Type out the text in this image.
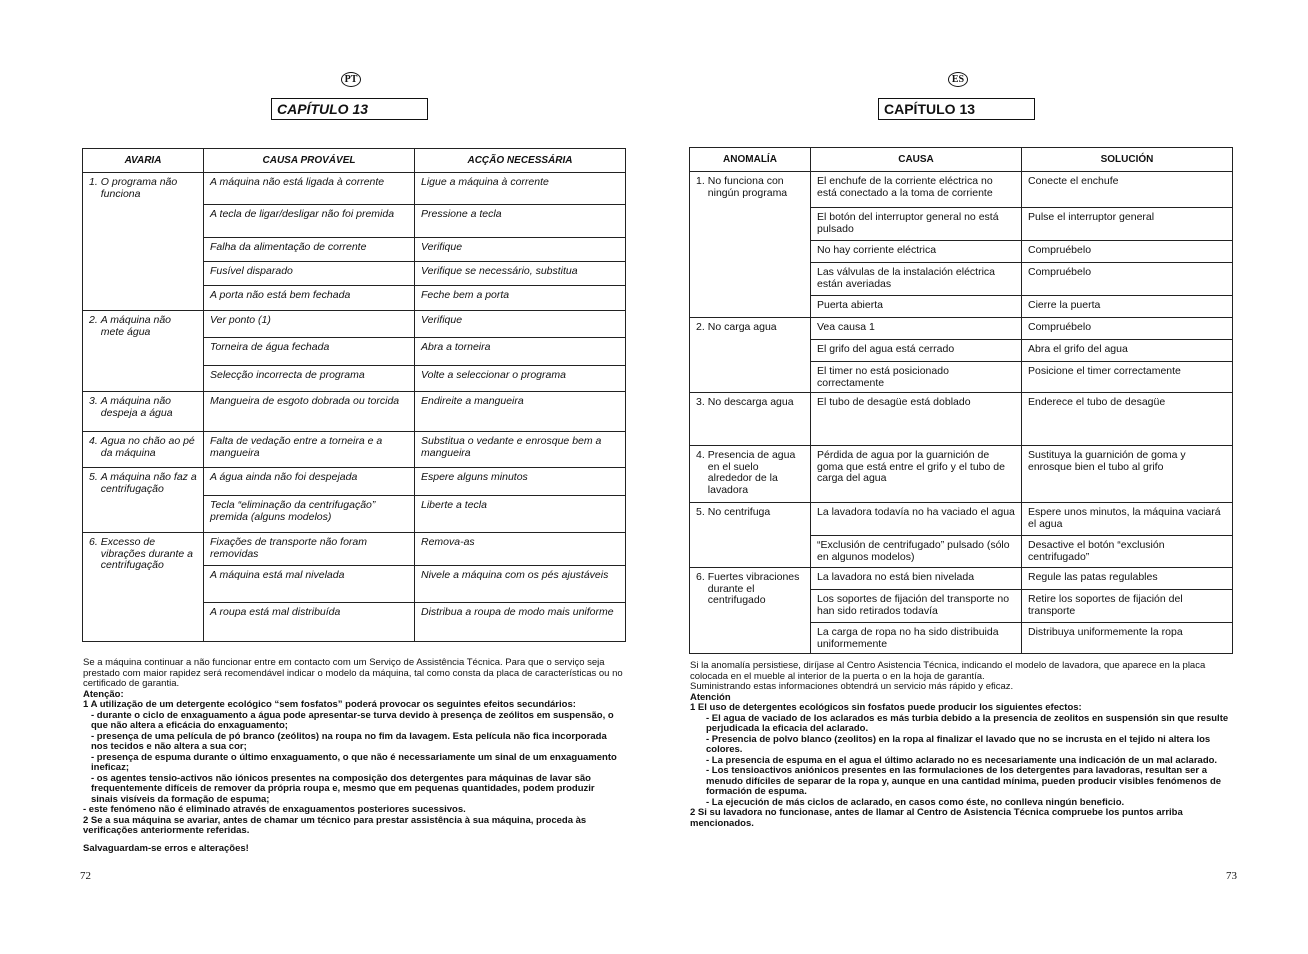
PT
CAPÍTULO 13
AVARIA	CAUSA PROVÁVEL	ACÇÃO NECESSÁRIA

1. O programa não funciona	A máquina não está ligada à corrente	Ligue a máquina à corrente
	A tecla de ligar/desligar não foi premida	Pressione a tecla
	Falha da alimentação de corrente	Verifique
	Fusível disparado	Verifique se necessário, substitua
	A porta não está bem fechada	Feche bem a porta

2. A máquina não mete água	Ver ponto (1)	Verifique
	Torneira de água fechada	Abra a torneira
	Selecção incorrecta de programa	Volte a seleccionar o programa

3. A máquina não despeja a água	Mangueira de esgoto dobrada ou torcida	Endireite a mangueira

4. Agua no chão ao pé da máquina	Falta de vedação entre a torneira e a mangueira	Substitua o vedante e enrosque bem a mangueira

5. A máquina não faz a centrifugação	A água ainda não foi despejada	Espere alguns minutos
	Tecla “eliminação da centrifugação” premida (alguns modelos)	Liberte a tecla

6. Excesso de vibrações durante a centrifugação	Fixações de transporte não foram removidas	Remova-as
	A máquina está mal nivelada	Nivele a máquina com os pés ajustáveis
	A roupa está mal distribuída	Distribua a roupa de modo mais uniforme

Se a máquina continuar a não funcionar entre em contacto com um Serviço de Assistência Técnica. Para que o serviço seja prestado com maior rapidez será recomendável indicar o modelo da máquina, tal como consta da placa de características ou no certificado de garantia.

Atenção:

1 A utilização de um detergente ecológico “sem fosfatos” poderá provocar os seguintes efeitos secundários:

- durante o ciclo de enxaguamento a água pode apresentar-se turva devido à presença de zeólitos em suspensão, o que não altera a eficácia do enxaguamento;

- presença de uma película de pó branco (zeólitos) na roupa no fim da lavagem. Esta película não fica incorporada nos tecidos e não altera a sua cor;

- presença de espuma durante o último enxaguamento, o que não é necessariamente um sinal de um enxaguamento ineficaz;

- os agentes tensio-activos não iónicos presentes na composição dos detergentes para máquinas de lavar são frequentemente difíceis de remover da própria roupa e, mesmo que em pequenas quantidades, podem produzir sinais visíveis da formação de espuma;

- este fenómeno não é eliminado através de enxaguamentos posteriores sucessivos.

2 Se a sua máquina se avariar, antes de chamar um técnico para prestar assistência à sua máquina, proceda às verificações anteriormente referidas.

Salvaguardam-se erros e alterações!

72
ES
CAPÍTULO 13
ANOMALÍA	CAUSA	SOLUCIÓN

1. No funciona con ningún programa	El enchufe de la corriente eléctrica no está conectado a la toma de corriente	Conecte el enchufe
	El botón del interruptor general no está pulsado	Pulse el interruptor general
	No hay corriente eléctrica	Compruébelo
	Las válvulas de la instalación eléctrica están averiadas	Compruébelo
	Puerta abierta	Cierre la puerta

2. No carga agua	Vea causa 1	Compruébelo
	El grifo del agua está cerrado	Abra el grifo del agua
	El timer no está posicionado correctamente	Posicione el timer correctamente

3. No descarga agua	El tubo de desagüe está doblado	Enderece el tubo de desagüe

4. Presencia de agua en el suelo alrededor de la lavadora	Pérdida de agua por la guarnición de goma que está entre el grifo y el tubo de carga del agua	Sustituya la guarnición de goma y enrosque bien el tubo al grifo

5. No centrifuga	La lavadora todavía no ha vaciado el agua	Espere unos minutos, la máquina vaciará el agua
	“Exclusión de centrifugado” pulsado (sólo en algunos modelos)	Desactive el botón “exclusión centrifugado”

6. Fuertes vibraciones durante el centrifugado	La lavadora no está bien nivelada	Regule las patas regulables
	Los soportes de fijación del transporte no han sido retirados todavía	Retire los soportes de fijación del transporte
	La carga de ropa no ha sido distribuida uniformemente	Distribuya uniformemente la ropa

Si la anomalía persistiese, diríjase al Centro Asistencia Técnica, indicando el modelo de lavadora, que aparece en la placa colocada en el mueble al interior de la puerta o en la hoja de garantía.

Suministrando estas informaciones obtendrá un servicio más rápido y eficaz.

Atención

1 El uso de detergentes ecológicos sin fosfatos puede producir los siguientes efectos:

- El agua de vaciado de los aclarados es más turbia debido a la presencia de zeolitos en suspensión sin que resulte perjudicada la eficacia del aclarado.

- Presencia de polvo blanco (zeolitos) en la ropa al finalizar el lavado que no se incrusta en el tejido ni altera los colores.

- La presencia de espuma en el agua el último aclarado no es necesariamente una indicación de un mal aclarado.

- Los tensioactivos aniónicos presentes en las formulaciones de los detergentes para lavadoras, resultan ser a menudo difíciles de separar de la ropa y, aunque en una cantidad mínima, pueden producir visibles fenómenos de formación de espuma.

- La ejecución de más ciclos de aclarado, en casos como éste, no conlleva ningún beneficio.

2 Si su lavadora no funcionase, antes de llamar al Centro de Asistencia Técnica compruebe los puntos arriba mencionados.

73
